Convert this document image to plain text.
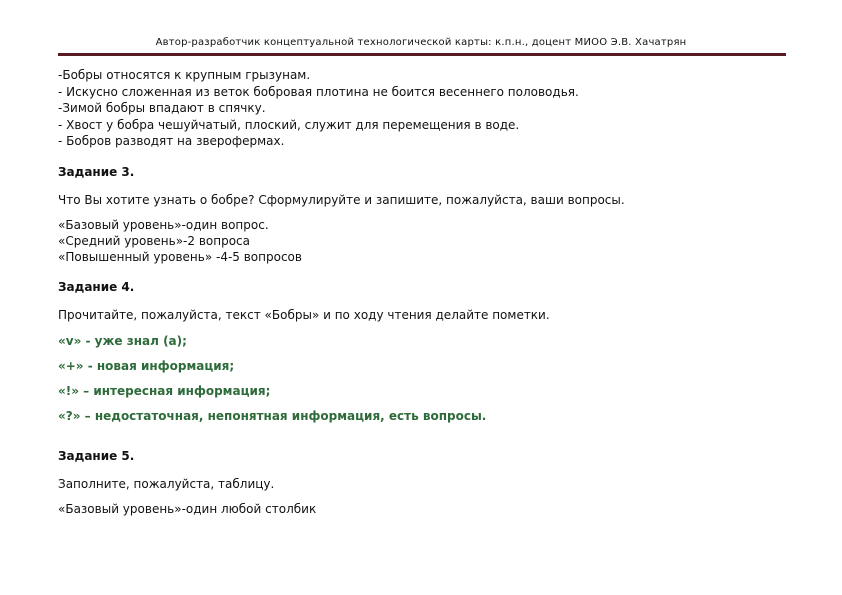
Автор-разработчик концептуальной технологической карты: к.п.н., доцент МИОО Э.В. Хачатрян
-Бобры относятся к крупным грызунам.
- Искусно сложенная из веток бобровая плотина не боится весеннего половодья.
-Зимой бобры впадают в спячку.
- Хвост у бобра чешуйчатый, плоский, служит для перемещения в воде.
- Бобров разводят на зверофермах.
Задание 3.
Что Вы хотите узнать о бобре? Сформулируйте и запишите, пожалуйста, ваши вопросы.
«Базовый уровень»-один вопрос.
«Средний уровень»-2 вопроса
«Повышенный уровень» -4-5 вопросов
Задание 4.
Прочитайте, пожалуйста, текст «Бобры» и по ходу чтения делайте пометки.
«v» - уже знал (а);
«+» - новая информация;
«!» – интересная информация;
«?» – недостаточная, непонятная информация, есть вопросы.
Задание 5.
Заполните, пожалуйста, таблицу.
«Базовый уровень»-один любой столбик
